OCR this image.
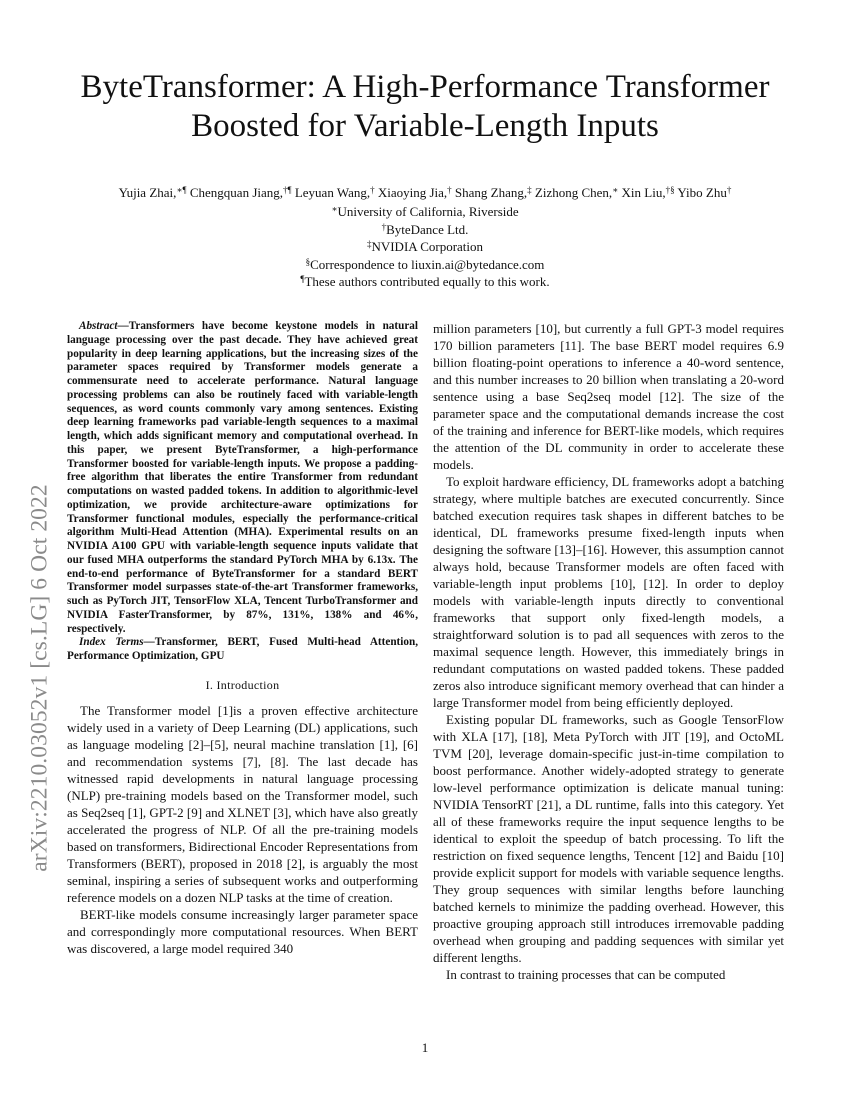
arXiv:2210.03052v1 [cs.LG] 6 Oct 2022
ByteTransformer: A High-Performance Transformer
Boosted for Variable-Length Inputs
Yujia Zhai,∗¶ Chengquan Jiang,†¶ Leyuan Wang,† Xiaoying Jia,† Shang Zhang,‡ Zizhong Chen,∗ Xin Liu,†§ Yibo Zhu†
∗University of California, Riverside
†ByteDance Ltd.
‡NVIDIA Corporation
§Correspondence to liuxin.ai@bytedance.com
¶These authors contributed equally to this work.

Abstract—Transformers have become keystone models in natural language processing over the past decade. They have achieved great popularity in deep learning applications, but the increasing sizes of the parameter spaces required by Transformer models generate a commensurate need to accelerate performance. Natural language processing problems can also be routinely faced with variable-length sequences, as word counts commonly vary among sentences. Existing deep learning frameworks pad variable-length sequences to a maximal length, which adds significant memory and computational overhead. In this paper, we present ByteTransformer, a high-performance Transformer boosted for variable-length inputs. We propose a padding-free algorithm that liberates the entire Transformer from redundant computations on wasted padded tokens. In addition to algorithmic-level optimization, we provide architecture-aware optimizations for Transformer functional modules, especially the performance-critical algorithm Multi-Head Attention (MHA). Experimental results on an NVIDIA A100 GPU with variable-length sequence inputs validate that our fused MHA outperforms the standard PyTorch MHA by 6.13x. The end-to-end performance of ByteTransformer for a standard BERT Transformer model surpasses state-of-the-art Transformer frameworks, such as PyTorch JIT, TensorFlow XLA, Tencent TurboTransformer and NVIDIA FasterTransformer, by 87%, 131%, 138% and 46%, respectively.

Index Terms—Transformer, BERT, Fused Multi-head Attention, Performance Optimization, GPU

I. Introduction

The Transformer model [1]is a proven effective architecture widely used in a variety of Deep Learning (DL) applications, such as language modeling [2]–[5], neural machine translation [1], [6] and recommendation systems [7], [8]. The last decade has witnessed rapid developments in natural language processing (NLP) pre-training models based on the Transformer model, such as Seq2seq [1], GPT-2 [9] and XLNET [3], which have also greatly accelerated the progress of NLP. Of all the pre-training models based on transformers, Bidirectional Encoder Representations from Transformers (BERT), proposed in 2018 [2], is arguably the most seminal, inspiring a series of subsequent works and outperforming reference models on a dozen NLP tasks at the time of creation.

BERT-like models consume increasingly larger parameter space and correspondingly more computational resources. When BERT was discovered, a large model required 340

million parameters [10], but currently a full GPT-3 model requires 170 billion parameters [11]. The base BERT model requires 6.9 billion floating-point operations to inference a 40-word sentence, and this number increases to 20 billion when translating a 20-word sentence using a base Seq2seq model [12]. The size of the parameter space and the computational demands increase the cost of the training and inference for BERT-like models, which requires the attention of the DL community in order to accelerate these models.

To exploit hardware efficiency, DL frameworks adopt a batching strategy, where multiple batches are executed concurrently. Since batched execution requires task shapes in different batches to be identical, DL frameworks presume fixed-length inputs when designing the software [13]–[16]. However, this assumption cannot always hold, because Transformer models are often faced with variable-length input problems [10], [12]. In order to deploy models with variable-length inputs directly to conventional frameworks that support only fixed-length models, a straightforward solution is to pad all sequences with zeros to the maximal sequence length. However, this immediately brings in redundant computations on wasted padded tokens. These padded zeros also introduce significant memory overhead that can hinder a large Transformer model from being efficiently deployed.

Existing popular DL frameworks, such as Google TensorFlow with XLA [17], [18], Meta PyTorch with JIT [19], and OctoML TVM [20], leverage domain-specific just-in-time compilation to boost performance. Another widely-adopted strategy to generate low-level performance optimization is delicate manual tuning: NVIDIA TensorRT [21], a DL runtime, falls into this category. Yet all of these frameworks require the input sequence lengths to be identical to exploit the speedup of batch processing. To lift the restriction on fixed sequence lengths, Tencent [12] and Baidu [10] provide explicit support for models with variable sequence lengths. They group sequences with similar lengths before launching batched kernels to minimize the padding overhead. However, this proactive grouping approach still introduces irremovable padding overhead when grouping and padding sequences with similar yet different lengths.

In contrast to training processes that can be computed

1
